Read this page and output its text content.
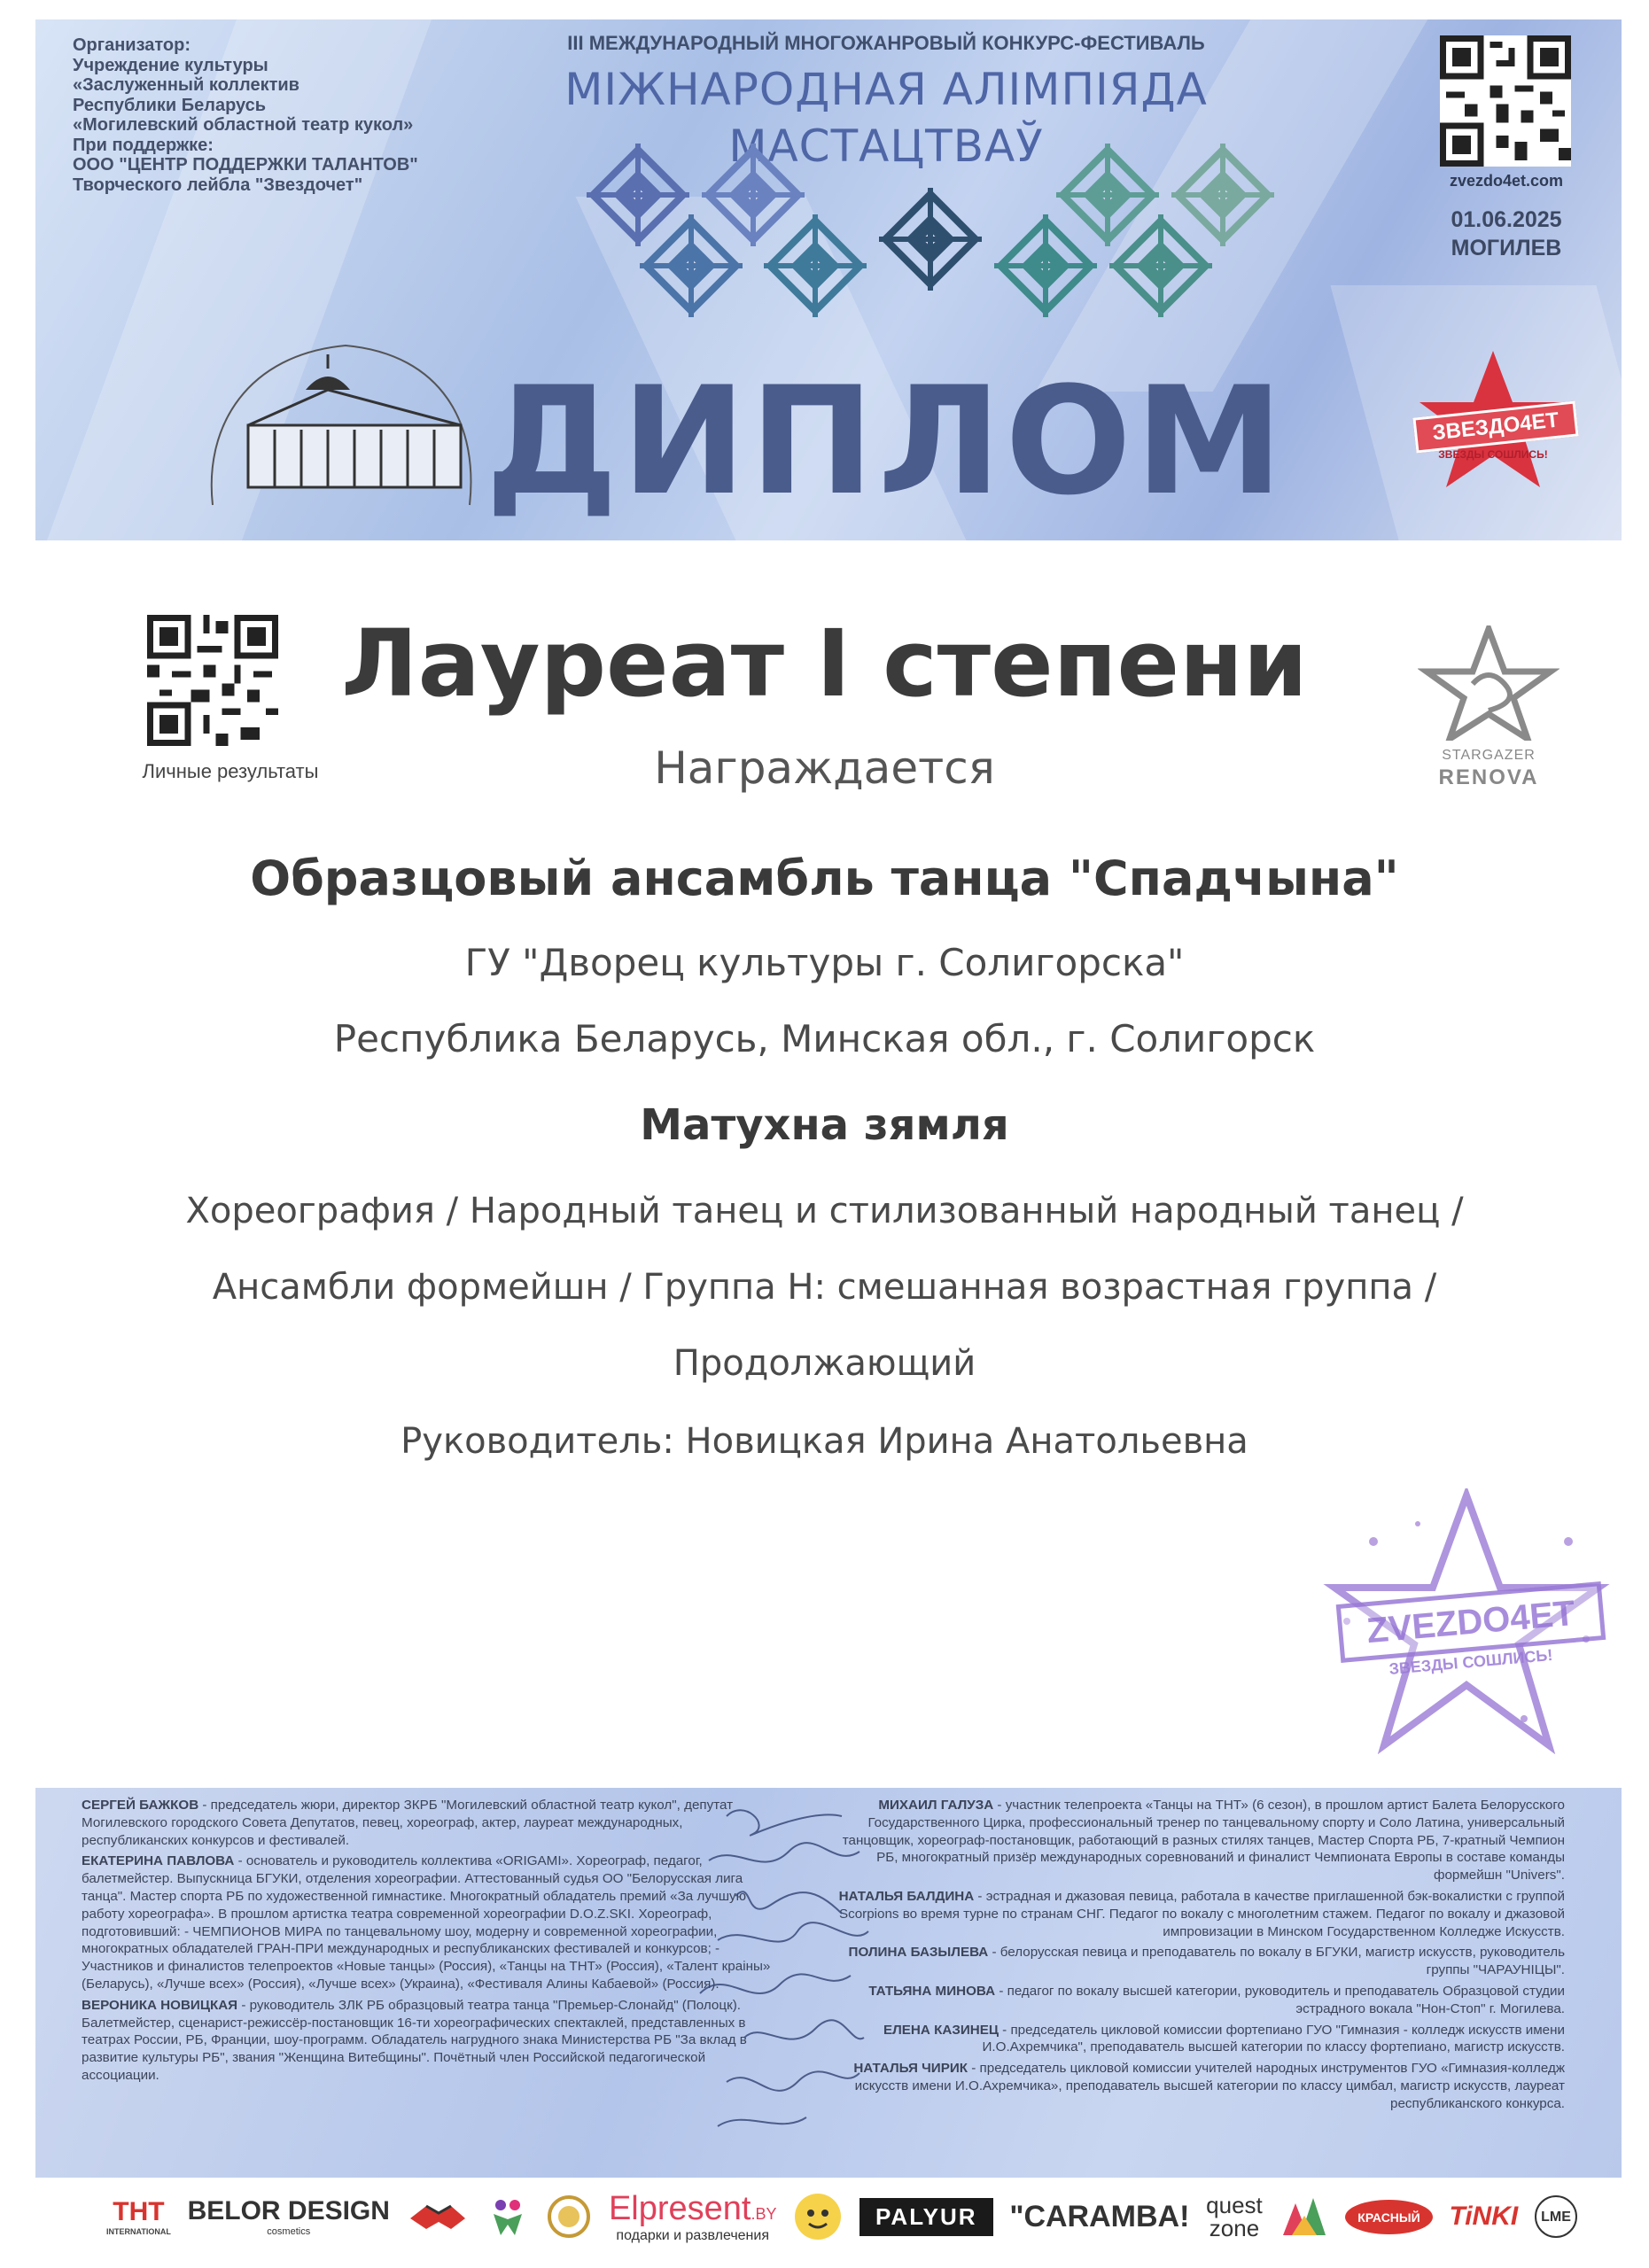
Организатор:
Учреждение культуры
«Заслуженный коллектив
Республики Беларусь
«Могилевский областной театр кукол»
При поддержке:
ООО "ЦЕНТР ПОДДЕРЖКИ ТАЛАНТОВ"
Творческого лейбла "Звездочет"
III МЕЖДУНАРОДНЫЙ МНОГОЖАНРОВЫЙ КОНКУРС-ФЕСТИВАЛЬ
МІЖНАРОДНАЯ АЛІМПІЯДА
МАСТАЦТВАЎ
zvezdo4et.com
01.06.2025
МОГИЛЕВ
ДИПЛОМ	ЗВЕЗДО4ЕТ
ЗВЕЗДЫ СОШЛИСЬ!
Личные результаты
STARGAZER
RENOVA
Лауреат I степени
Награждается
Образцовый ансамбль танца "Спадчына"
ГУ "Дворец культуры г. Солигорска"
Республика Беларусь, Минская обл., г. Солигорск
Матухна зямля
Хореография / Народный танец и стилизованный народный танец /
Ансамбли формейшн / Группа Н: смешанная возрастная группа /
Продолжающий
Руководитель: Новицкая Ирина Анатольевна
ZVEZDO4ET
ЗВЕЗДЫ СОШЛИСЬ!

СЕРГЕЙ БАЖКОВ - председатель жюри, директор ЗКРБ "Могилевский областной театр кукол", депутат Могилевского городского Совета Депутатов, певец, хореограф, актер, лауреат международных, республиканских конкурсов и фестивалей.

ЕКАТЕРИНА ПАВЛОВА - основатель и руководитель коллектива «ORIGAMI». Хореограф, педагог, балетмейстер. Выпускница БГУКИ, отделения хореографии. Аттестованный судья ОО "Белорусская лига танца". Мастер спорта РБ по художественной гимнастике. Многократный обладатель премий «За лучшую работу хореографа». В прошлом артистка театра современной хореографии D.O.Z.SKI. Хореограф, подготовивший: - ЧЕМПИОНОВ МИРА по танцевальному шоу, модерну и современной хореографии, многократных обладателей ГРАН-ПРИ международных и республиканских фестивалей и конкурсов; - Участников и финалистов телепроектов «Новые танцы» (Россия), «Танцы на ТНТ» (Россия), «Талент краіны» (Беларусь), «Лучше всех» (Россия), «Лучше всех» (Украина), «Фестиваля Алины Кабаевой» (Россия).

ВЕРОНИКА НОВИЦКАЯ - руководитель ЗЛК РБ образцовый театра танца "Премьер-Слонайд" (Полоцк). Балетмейстер, сценарист-режиссёр-постановщик 16-ти хореографических спектаклей, представленных в театрах России, РБ, Франции, шоу-программ. Обладатель нагрудного знака Министерства РБ "За вклад в развитие культуры РБ", звания "Женщина Витебщины". Почётный член Российской педагогической ассоциации.

МИХАИЛ ГАЛУЗА - участник телепроекта «Танцы на ТНТ» (6 сезон), в прошлом артист Балета Белорусского Государственного Цирка, профессиональный тренер по танцевальному спорту и Соло Латина, универсальный танцовщик, хореограф-постановщик, работающий в разных стилях танцев, Мастер Спорта РБ, 7-кратный Чемпион РБ, многократный призёр международных соревнований и финалист Чемпионата Европы в составе команды формейшн "Univers".

НАТАЛЬЯ БАЛДИНА - эстрадная и джазовая певица, работала в качестве приглашенной бэк-вокалистки с группой Scorpions во время турне по странам СНГ. Педагог по вокалу с многолетним стажем. Педагог по вокалу и джазовой импровизации в Минском Государственном Колледже Искусств.

ПОЛИНА БАЗЫЛЕВА - белорусская певица и преподаватель по вокалу в БГУКИ, магистр искусств, руководитель группы "ЧАРАУНІЦЫ".

ТАТЬЯНА МИНОВА - педагог по вокалу высшей категории, руководитель и преподаватель Образцовой студии эстрадного вокала "Нон-Стоп" г. Могилева.

ЕЛЕНА КАЗИНЕЦ - председатель цикловой комиссии фортепиано ГУО "Гимназия - колледж искусств имени И.О.Ахремчика", преподаватель высшей категории по классу фортепиано, магистр искусств.

НАТАЛЬЯ ЧИРИК - председатель цикловой комиссии учителей народных инструментов ГУО «Гимназия-колледж искусств имени И.О.Ахремчика», преподаватель высшей категории по классу цимбал, магистр искусств, лауреат республиканского конкурса.

ТНТ
INTERNATIONAL
BELOR DESIGN
cosmetics
Elpresent.BY
подарки и развлечения
PALYUR	"CARAMBA! quest
zone	КРАСНЫЙ	TiNKI	LME
